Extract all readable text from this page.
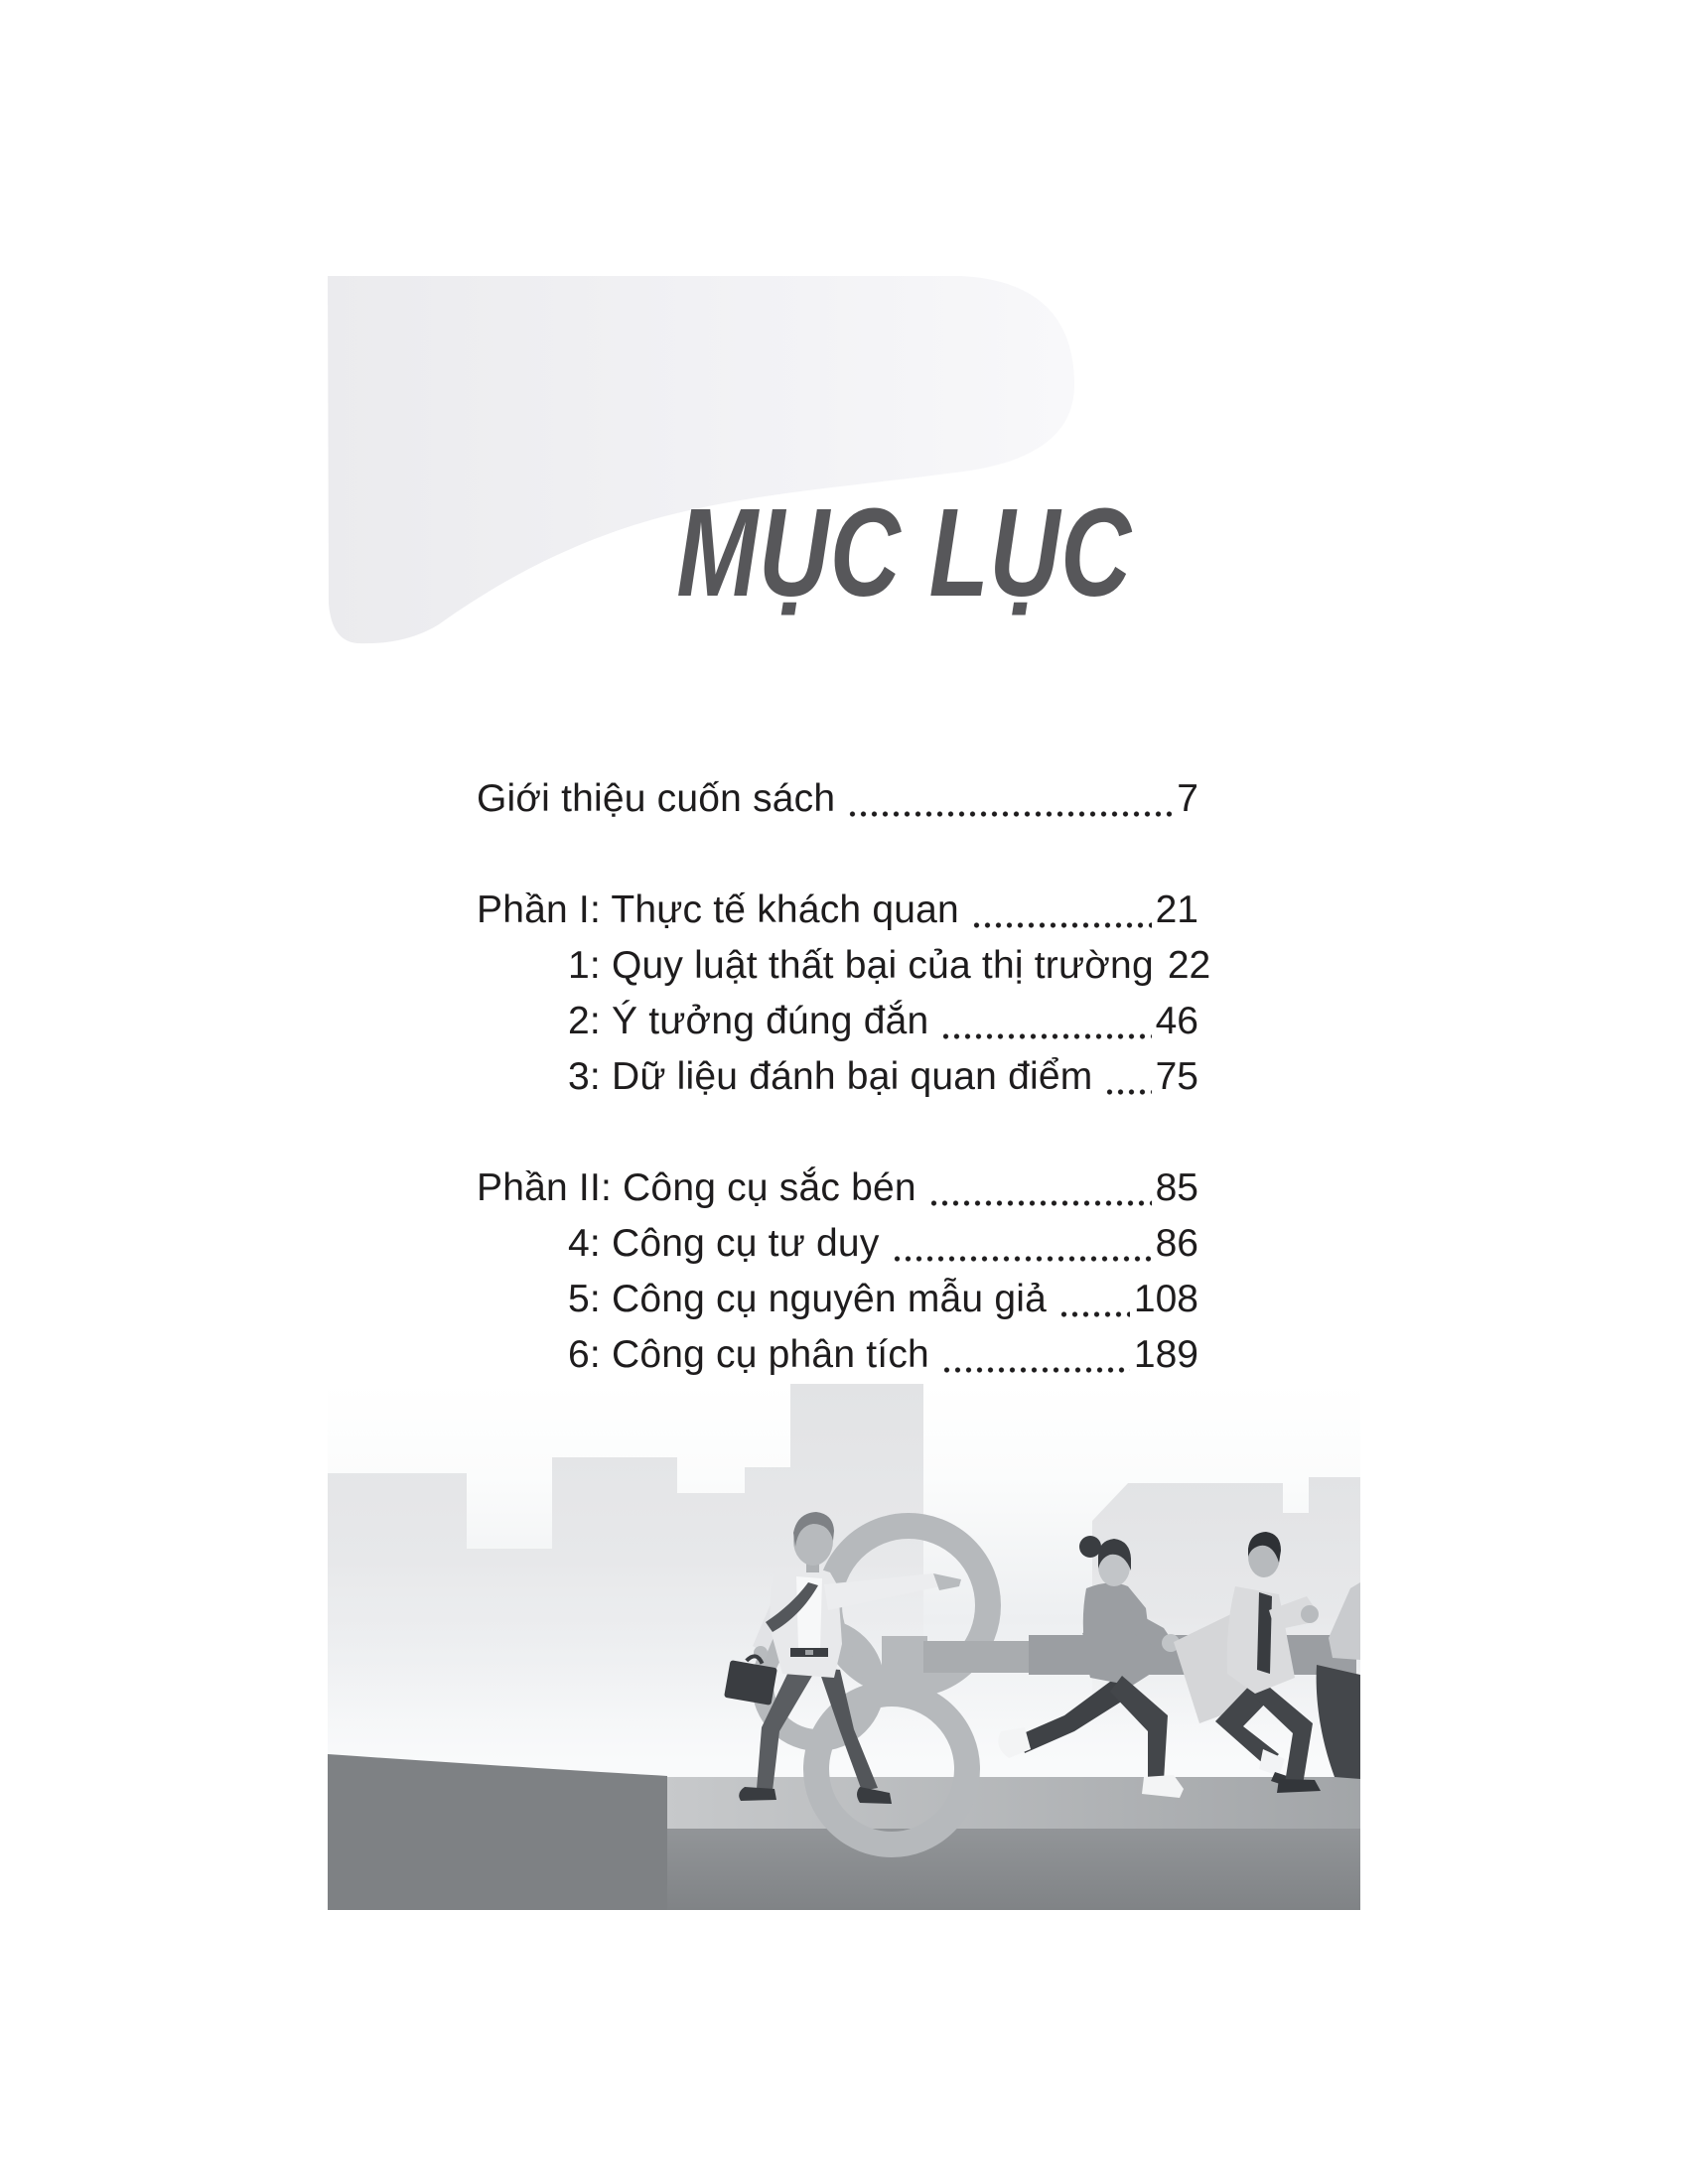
MỤC LỤC
Giới thiệu cuốn sách	7
Phần I: Thực tế khách quan	21
1: Quy luật thất bại của thị trường 22
2: Ý tưởng đúng đắn	46
3: Dữ liệu đánh bại quan điểm 75
Phần II: Công cụ sắc bén	85
4: Công cụ tư duy	86
5: Công cụ nguyên mẫu giả 108
6: Công cụ phân tích	189
